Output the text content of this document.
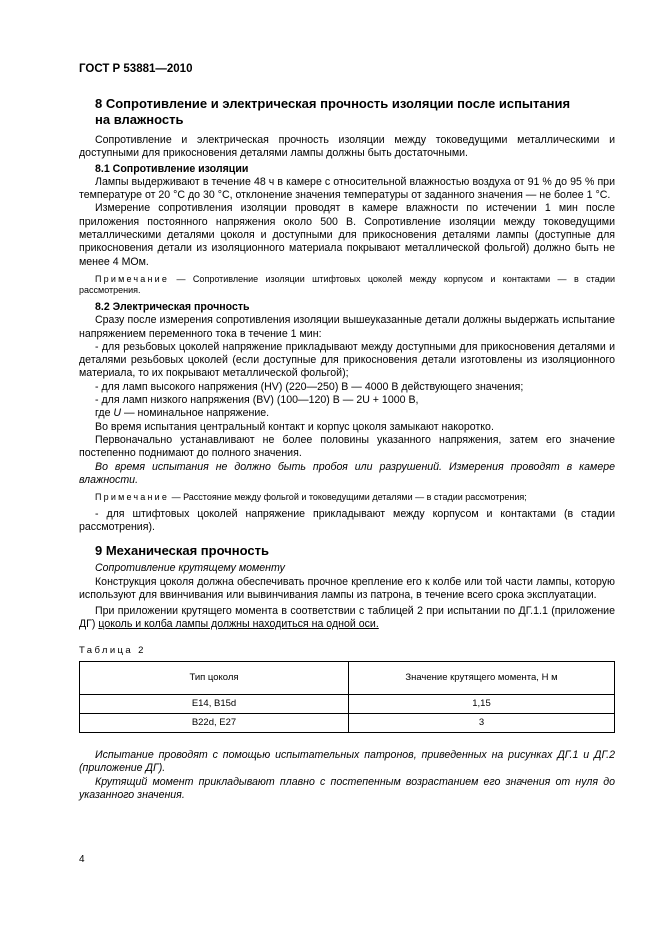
ГОСТ Р 53881—2010
8 Сопротивление и электрическая прочность изоляции после испытания
на влажность

Сопротивление и электрическая прочность изоляции между токоведущими металлическими и доступными для прикосновения деталями лампы должны быть достаточными.

8.1 Сопротивление изоляции

Лампы выдерживают в течение 48 ч в камере с относительной влажностью воздуха от 91 % до 95 % при температуре от 20 °С до 30 °С, отклонение значения температуры от заданного значения — не более 1 °С.

Измерение сопротивления изоляции проводят в камере влажности по истечении 1 мин после приложения постоянного напряжения около 500 В. Сопротивление изоляции между токоведущими металлическими деталями цоколя и доступными для прикосновения деталями лампы (доступные для прикосновения детали из изоляционного материала покрывают металлической фольгой) должно быть не менее 4 МОм.

Примечание — Сопротивление изоляции штифтовых цоколей между корпусом и контактами — в стадии рассмотрения.
8.2 Электрическая прочность

Сразу после измерения сопротивления изоляции вышеуказанные детали должны выдержать испытание напряжением переменного тока в течение 1 мин:

- для резьбовых цоколей напряжение прикладывают между доступными для прикосновения деталями и деталями резьбовых цоколей (если доступные для прикосновения детали изготовлены из изоляционного материала, то их покрывают металлической фольгой);

- для ламп высокого напряжения (HV) (220—250) В — 4000 В действующего значения;

- для ламп низкого напряжения (BV) (100—120) В — 2U + 1000 В,

где U — номинальное напряжение.

Во время испытания центральный контакт и корпус цоколя замыкают накоротко.

Первоначально устанавливают не более половины указанного напряжения, затем его значение постепенно поднимают до полного значения.

Во время испытания не должно быть пробоя или разрушений. Измерения проводят в камере влажности.

Примечание — Расстояние между фольгой и токоведущими деталями — в стадии рассмотрения;

- для штифтовых цоколей напряжение прикладывают между корпусом и контактами (в стадии рассмотрения).

9 Механическая прочность

Сопротивление крутящему моменту

Конструкция цоколя должна обеспечивать прочное крепление его к колбе или той части лампы, которую используют для ввинчивания или вывинчивания лампы из патрона, в течение всего срока эксплуатации.

При приложении крутящего момента в соответствии с таблицей 2 при испытании по ДГ.1.1 (приложение ДГ) цоколь и колба лампы должны находиться на одной оси.

Таблица 2
Тип цоколя	Значение крутящего момента, Н м
Е14, В15d	1,15
В22d, Е27	3

Испытание проводят с помощью испытательных патронов, приведенных на рисунках ДГ.1 и ДГ.2 (приложение ДГ).

Крутящий момент прикладывают плавно с постепенным возрастанием его значения от нуля до указанного значения.

4
